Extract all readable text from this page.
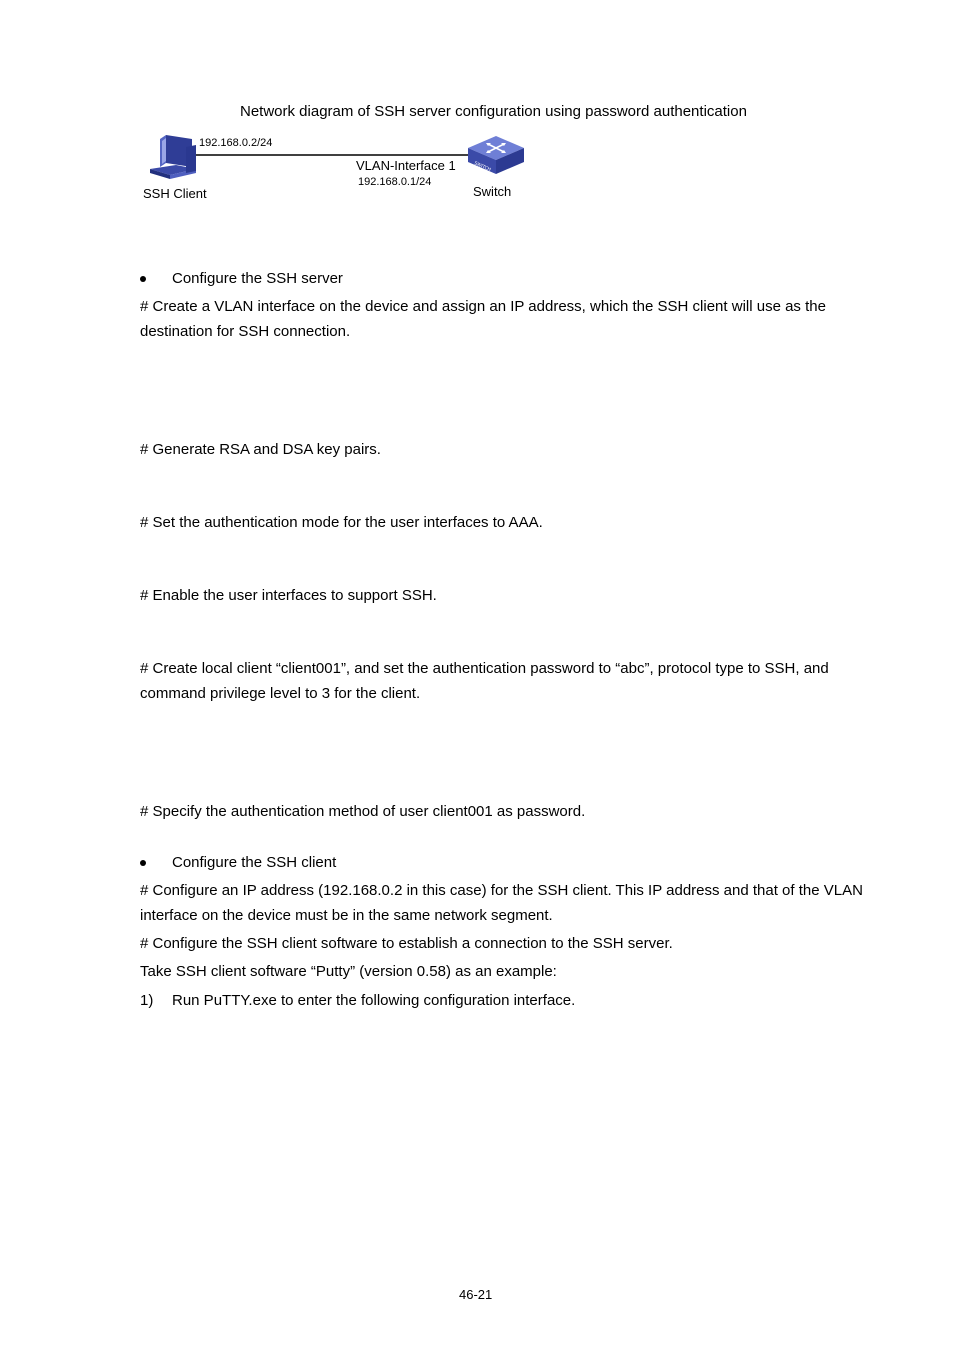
Network diagram of SSH server configuration using password authentication
SWITCH
192.168.0.2/24
VLAN-Interface 1
192.168.0.1/24
SSH Client	Switch
Configure the SSH server
# Create a VLAN interface on the device and assign an IP address, which the SSH client will use as the destination for SSH connection.
# Generate RSA and DSA key pairs.
# Set the authentication mode for the user interfaces to AAA.
# Enable the user interfaces to support SSH.
# Create local client “client001”, and set the authentication password to “abc”, protocol type to SSH, and command privilege level to 3 for the client.
# Specify the authentication method of user client001 as password.
Configure the SSH client
# Configure an IP address (192.168.0.2 in this case) for the SSH client. This IP address and that of the VLAN interface on the device must be in the same network segment.
# Configure the SSH client software to establish a connection to the SSH server.
Take SSH client software “Putty” (version 0.58) as an example:
1) Run PuTTY.exe to enter the following configuration interface.
46-21
